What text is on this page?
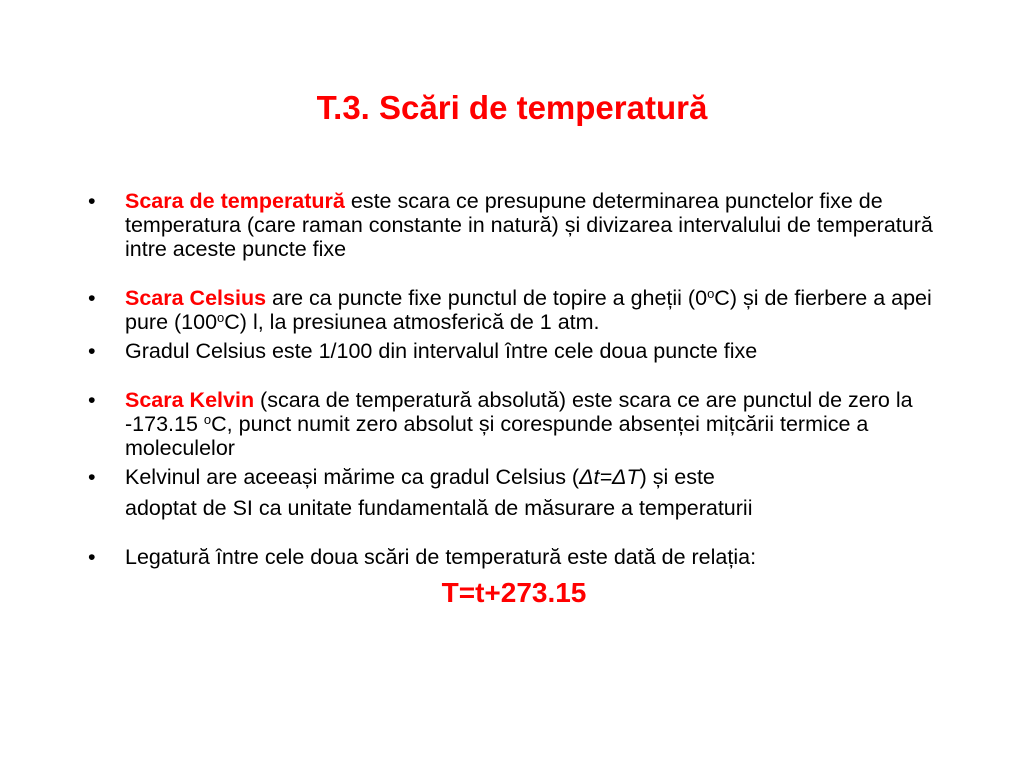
T.3. Scări de temperatură
•	Scara de temperatură este scara ce presupune determinarea punctelor fixe de temperatura (care raman constante in natură) și divizarea intervalului de temperatură intre aceste puncte fixe
•	Scara Celsius are ca puncte fixe punctul de topire a gheții (0$^o$C) și de fierbere a apei pure (100$^o$C) l, la presiunea atmosferică de 1 atm.
•	Gradul Celsius este 1/100 din intervalul între cele doua puncte fixe
•	Scara Kelvin (scara de temperatură absolută) este scara ce are punctul de zero la -173.15 $^o$C, punct numit zero absolut și corespunde absenței mițcării termice a moleculelor
•	Kelvinul are aceeași mărime ca gradul Celsius (Δt=ΔT) și este
adoptat de SI ca unitate fundamentală de măsurare a temperaturii
•	Legatură între cele doua scări de temperatură este dată de relația:
T=t+273.15
